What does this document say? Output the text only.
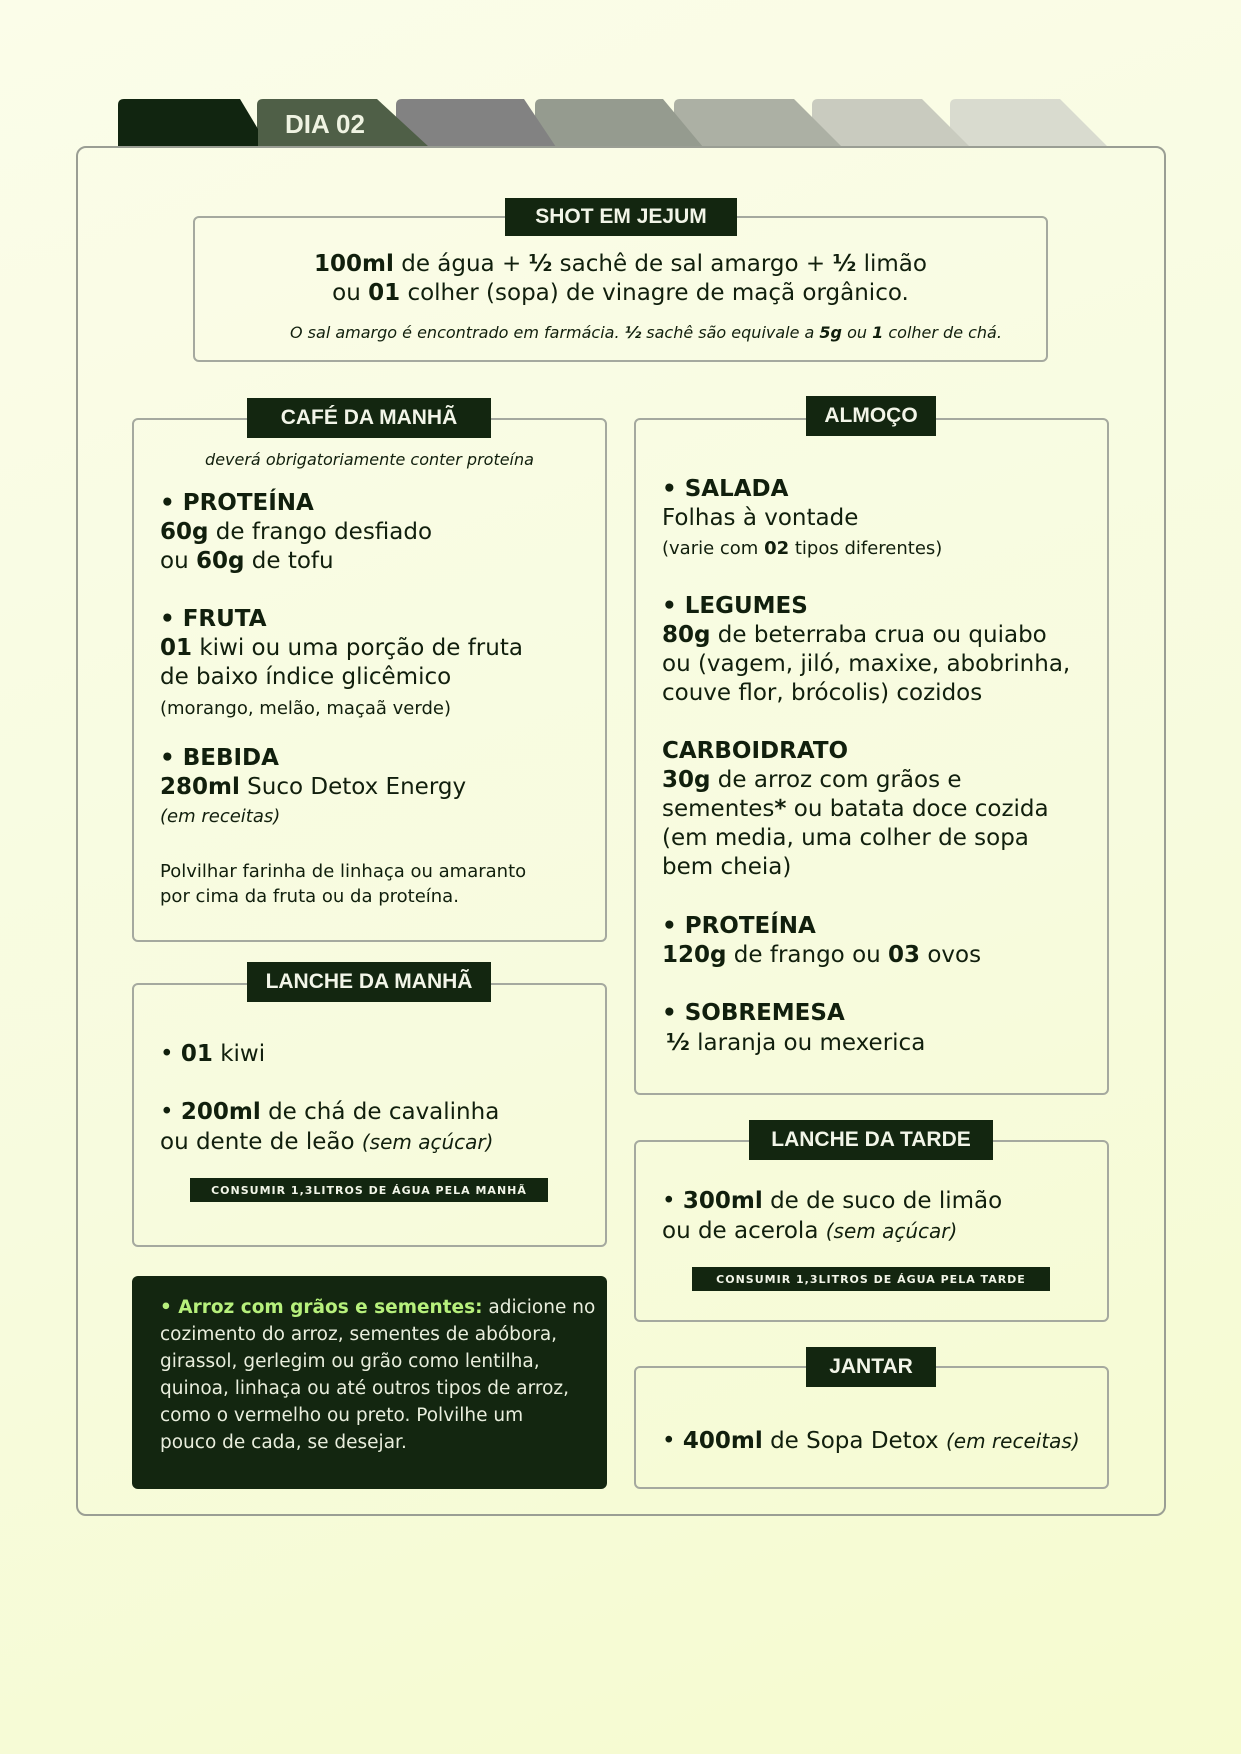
DIA 02
SHOT EM JEJUM
100ml de água + ½ sachê de sal amargo + ½ limão
ou 01 colher (sopa) de vinagre de maçã orgânico.
O sal amargo é encontrado em farmácia. ½ sachê são equivale a 5g ou 1 colher de chá.
CAFÉ DA MANHÃ
deverá obrigatoriamente conter proteína
• PROTEÍNA
60g de frango desfiado
ou 60g de tofu
• FRUTA
01 kiwi ou uma porção de fruta
de baixo índice glicêmico
(morango, melão, maçaã verde)
• BEBIDA
280ml Suco Detox Energy
(em receitas)
Polvilhar farinha de linhaça ou amaranto
por cima da fruta ou da proteína.
LANCHE DA MANHÃ
• 01 kiwi
• 200ml de chá de cavalinha
ou dente de leão (sem açúcar)
CONSUMIR 1,3LITROS DE ÁGUA PELA MANHÃ
• Arroz com grãos e sementes: adicione no
cozimento do arroz, sementes de abóbora,
girassol, gerlegim ou grão como lentilha,
quinoa, linhaça ou até outros tipos de arroz,
como o vermelho ou preto. Polvilhe um
pouco de cada, se desejar.
ALMOÇO
• SALADA
Folhas à vontade
(varie com 02 tipos diferentes)
• LEGUMES
80g de beterraba crua ou quiabo
ou (vagem, jiló, maxixe, abobrinha,
couve flor, brócolis) cozidos
CARBOIDRATO
30g de arroz com grãos e
sementes* ou batata doce cozida
(em media, uma colher de sopa
bem cheia)
• PROTEÍNA
120g de frango ou 03 ovos
• SOBREMESA
½ laranja ou mexerica
LANCHE DA TARDE
• 300ml de de suco de limão
ou de acerola (sem açúcar)
CONSUMIR 1,3LITROS DE ÁGUA PELA TARDE
JANTAR
• 400ml de Sopa Detox (em receitas)
